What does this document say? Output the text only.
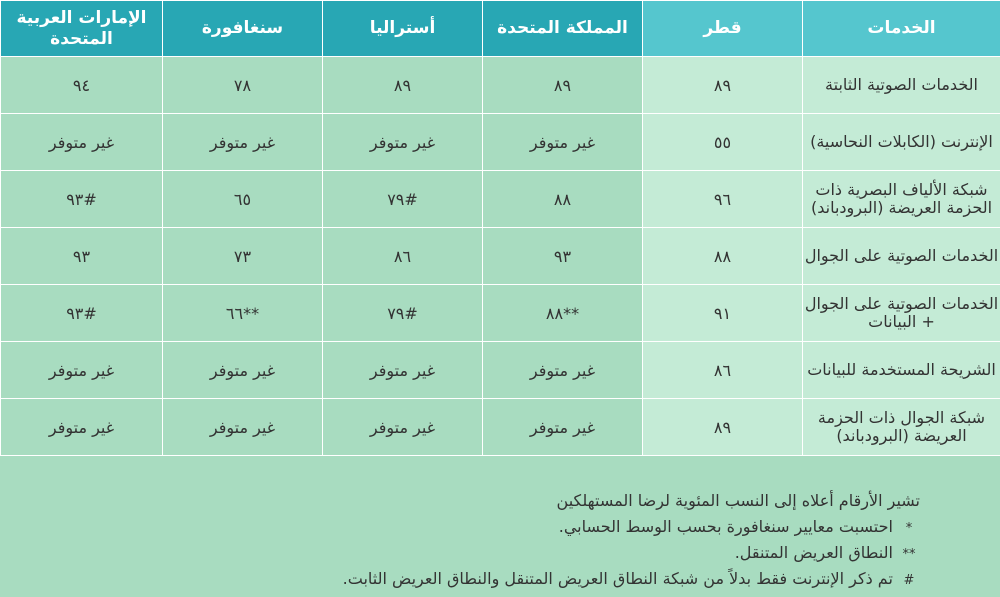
الإمارات العربية المتحدة	سنغافورة	أستراليا	المملكة المتحدة	قطر	الخدمات
٩٤	٧٨	٨٩	٨٩	٨٩	الخدمات الصوتية الثابتة
غير متوفر	غير متوفر	غير متوفر	غير متوفر	٥٥	الإنترنت (الكابلات النحاسية)
#٩٣	٦٥	#٧٩	٨٨	٩٦	شبكة الألياف البصرية ذات الحزمة العريضة (البرودباند)
٩٣	٧٣	٨٦	٩٣	٨٨	الخدمات الصوتية على الجوال
#٩٣	**٦٦	#٧٩	**٨٨	٩١	الخدمات الصوتية على الجوال + البيانات
غير متوفر	غير متوفر	غير متوفر	غير متوفر	٨٦	الشريحة المستخدمة للبيانات
غير متوفر	غير متوفر	غير متوفر	غير متوفر	٨٩	شبكة الجوال ذات الحزمة العريضة (البرودباند)
تشير الأرقام أعلاه إلى النسب المئوية لرضا المستهلكين
* احتسبت معايير سنغافورة بحسب الوسط الحسابي.
** النطاق العريض المتنقل.
# تم ذكر الإنترنت فقط بدلاً من شبكة النطاق العريض المتنقل والنطاق العريض الثابت.
